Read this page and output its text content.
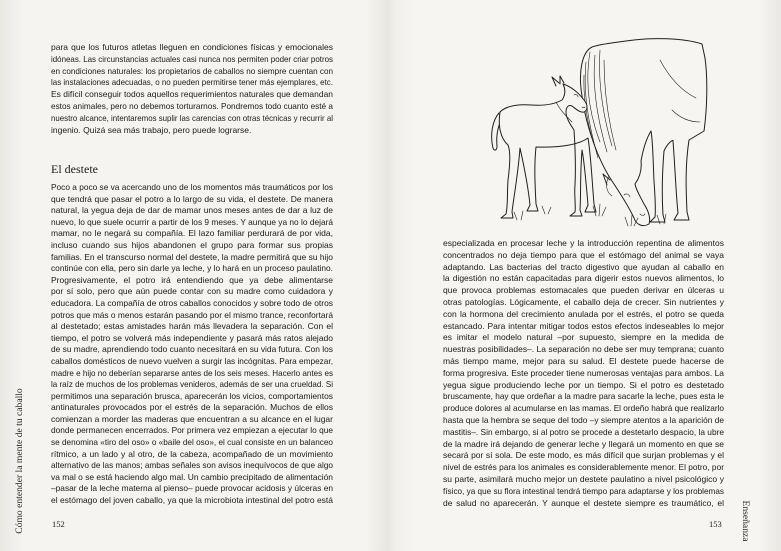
Cómo entender la mente de tu caballo
para que los futuros atletas lleguen en condiciones físicas y emocionales
idóneas. Las circunstancias actuales casi nunca nos permiten poder criar potros
en condiciones naturales: los propietarios de caballos no siempre cuentan con
las instalaciones adecuadas, o no pueden permitirse tener más ejemplares, etc.
Es difícil conseguir todos aquellos requerimientos naturales que demandan
estos animales, pero no debemos torturarnos. Pondremos todo cuanto esté a
nuestro alcance, intentaremos suplir las carencias con otras técnicas y recurrir al
ingenio. Quizá sea más trabajo, pero puede lograrse.
El destete
Poco a poco se va acercando uno de los momentos más traumáticos por los
que tendrá que pasar el potro a lo largo de su vida, el destete. De manera
natural, la yegua deja de dar de mamar unos meses antes de dar a luz de
nuevo, lo que suele ocurrir a partir de los 9 meses. Y aunque ya no lo dejará
mamar, no le negará su compañía. El lazo familiar perdurará de por vida,
incluso cuando sus hijos abandonen el grupo para formar sus propias
familias. En el transcurso normal del destete, la madre permitirá que su hijo
continúe con ella, pero sin darle ya leche, y lo hará en un proceso paulatino.
Progresivamente, el potro irá entendiendo que ya debe alimentarse
por sí solo, pero que aún puede contar con su madre como cuidadora y
educadora. La compañía de otros caballos conocidos y sobre todo de otros
potros que más o menos estarán pasando por el mismo trance, reconfortará
al destetado; estas amistades harán más llevadera la separación. Con el
tiempo, el potro se volverá más independiente y pasará más ratos alejado
de su madre, aprendiendo todo cuanto necesitará en su vida futura. Con los
caballos domésticos de nuevo vuelven a surgir las incógnitas. Para empezar,
madre e hijo no deberían separarse antes de los seis meses. Hacerlo antes es
la raíz de muchos de los problemas venideros, además de ser una crueldad. Si
permitimos una separación brusca, aparecerán los vicios, comportamientos
antinaturales provocados por el estrés de la separación. Muchos de ellos
comienzan a morder las maderas que encuentran a su alcance en el lugar
donde permanecen encerrados. Por primera vez empiezan a ejecutar lo que
se denomina «tiro del oso» o «baile del oso», el cual consiste en un balanceo
rítmico, a un lado y al otro, de la cabeza, acompañado de un movimiento
alternativo de las manos; ambas señales son avisos inequívocos de que algo
va mal o se está haciendo algo mal. Un cambio precipitado de alimentación
–pasar de la leche materna al pienso– puede provocar acidosis y úlceras en
el estómago del joven caballo, ya que la microbiota intestinal del potro está
152
especializada en procesar leche y la introducción repentina de alimentos
concentrados no deja tiempo para que el estómago del animal se vaya
adaptando. Las bacterias del tracto digestivo que ayudan al caballo en
la digestión no están capacitadas para digerir estos nuevos alimentos, lo
que provoca problemas estomacales que pueden derivar en úlceras u
otras patologías. Lógicamente, el caballo deja de crecer. Sin nutrientes y
con la hormona del crecimiento anulada por el estrés, el potro se queda
estancado. Para intentar mitigar todos estos efectos indeseables lo mejor
es imitar el modelo natural –por supuesto, siempre en la medida de
nuestras posibilidades–. La separación no debe ser muy temprana; cuanto
más tiempo mame, mejor para su salud. El destete puede hacerse de
forma progresiva. Este proceder tiene numerosas ventajas para ambos. La
yegua sigue produciendo leche por un tiempo. Si el potro es destetado
bruscamente, hay que ordeñar a la madre para sacarle la leche, pues esta le
produce dolores al acumularse en las mamas. El ordeño habrá que realizarlo
hasta que la hembra se seque del todo –y siempre atentos a la aparición de
mastitis–. Sin embargo, si al potro se procede a destetarlo despacio, la ubre
de la madre irá dejando de generar leche y llegará un momento en que se
secará por sí sola. De este modo, es más difícil que surjan problemas y el
nivel de estrés para los animales es considerablemente menor. El potro, por
su parte, asimilará mucho mejor un destete paulatino a nivel psicológico y
físico, ya que su flora intestinal tendrá tiempo para adaptarse y los problemas
de salud no aparecerán. Y aunque el destete siempre es traumático, el
153 Enseñanza
